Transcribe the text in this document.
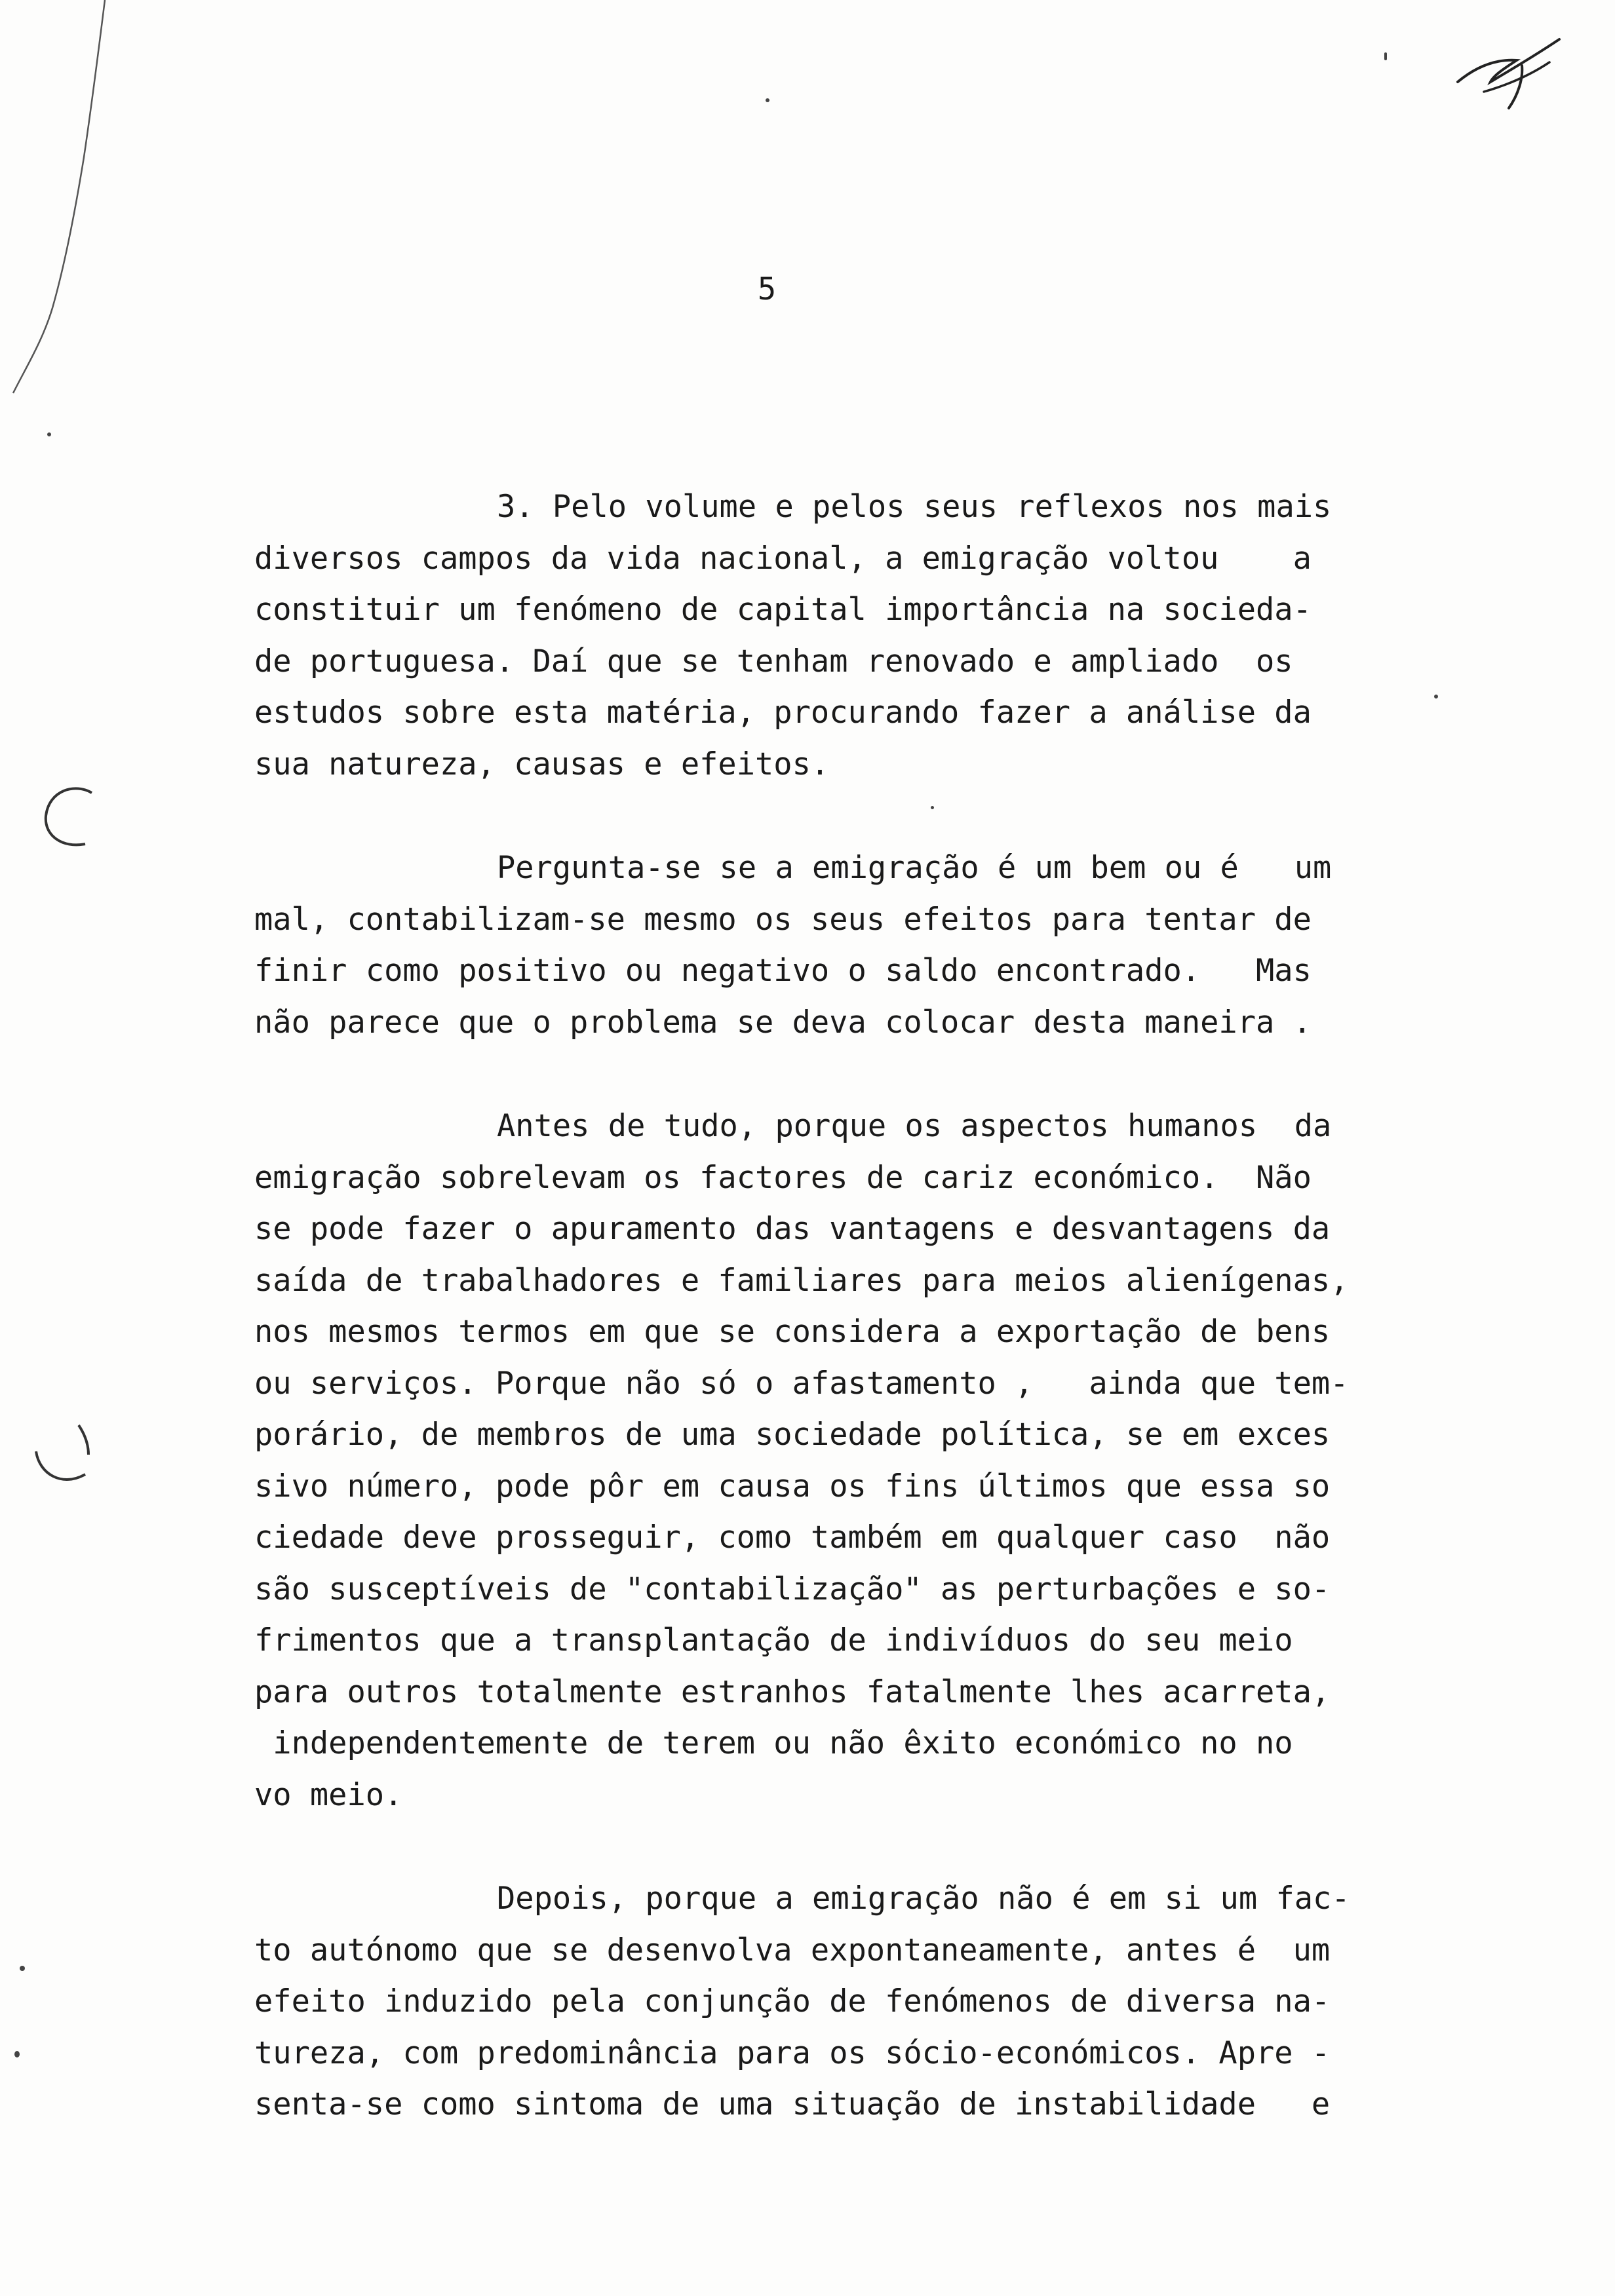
5
3. Pelo volume e pelos seus reflexos nos mais
diversos campos da vida nacional, a emigração voltou    a
constituir um fenómeno de capital importância na socieda-
de portuguesa. Daí que se tenham renovado e ampliado  os
estudos sobre esta matéria, procurando fazer a análise da
sua natureza, causas e efeitos.
Pergunta-se se a emigração é um bem ou é   um
mal, contabilizam-se mesmo os seus efeitos para tentar de
finir como positivo ou negativo o saldo encontrado.   Mas
não parece que o problema se deva colocar desta maneira .
Antes de tudo, porque os aspectos humanos  da
emigração sobrelevam os factores de cariz económico.  Não
se pode fazer o apuramento das vantagens e desvantagens da
saída de trabalhadores e familiares para meios alienígenas,
nos mesmos termos em que se considera a exportação de bens
ou serviços. Porque não só o afastamento ,   ainda que tem-
porário, de membros de uma sociedade política, se em exces
sivo número, pode pôr em causa os fins últimos que essa so
ciedade deve prosseguir, como também em qualquer caso  não
são susceptíveis de "contabilização" as perturbações e so-
frimentos que a transplantação de indivíduos do seu meio
para outros totalmente estranhos fatalmente lhes acarreta,
independentemente de terem ou não êxito económico no no
vo meio.
Depois, porque a emigração não é em si um fac-
to autónomo que se desenvolva expontaneamente, antes é  um
efeito induzido pela conjunção de fenómenos de diversa na-
tureza, com predominância para os sócio-económicos. Apre -
senta-se como sintoma de uma situação de instabilidade   e
